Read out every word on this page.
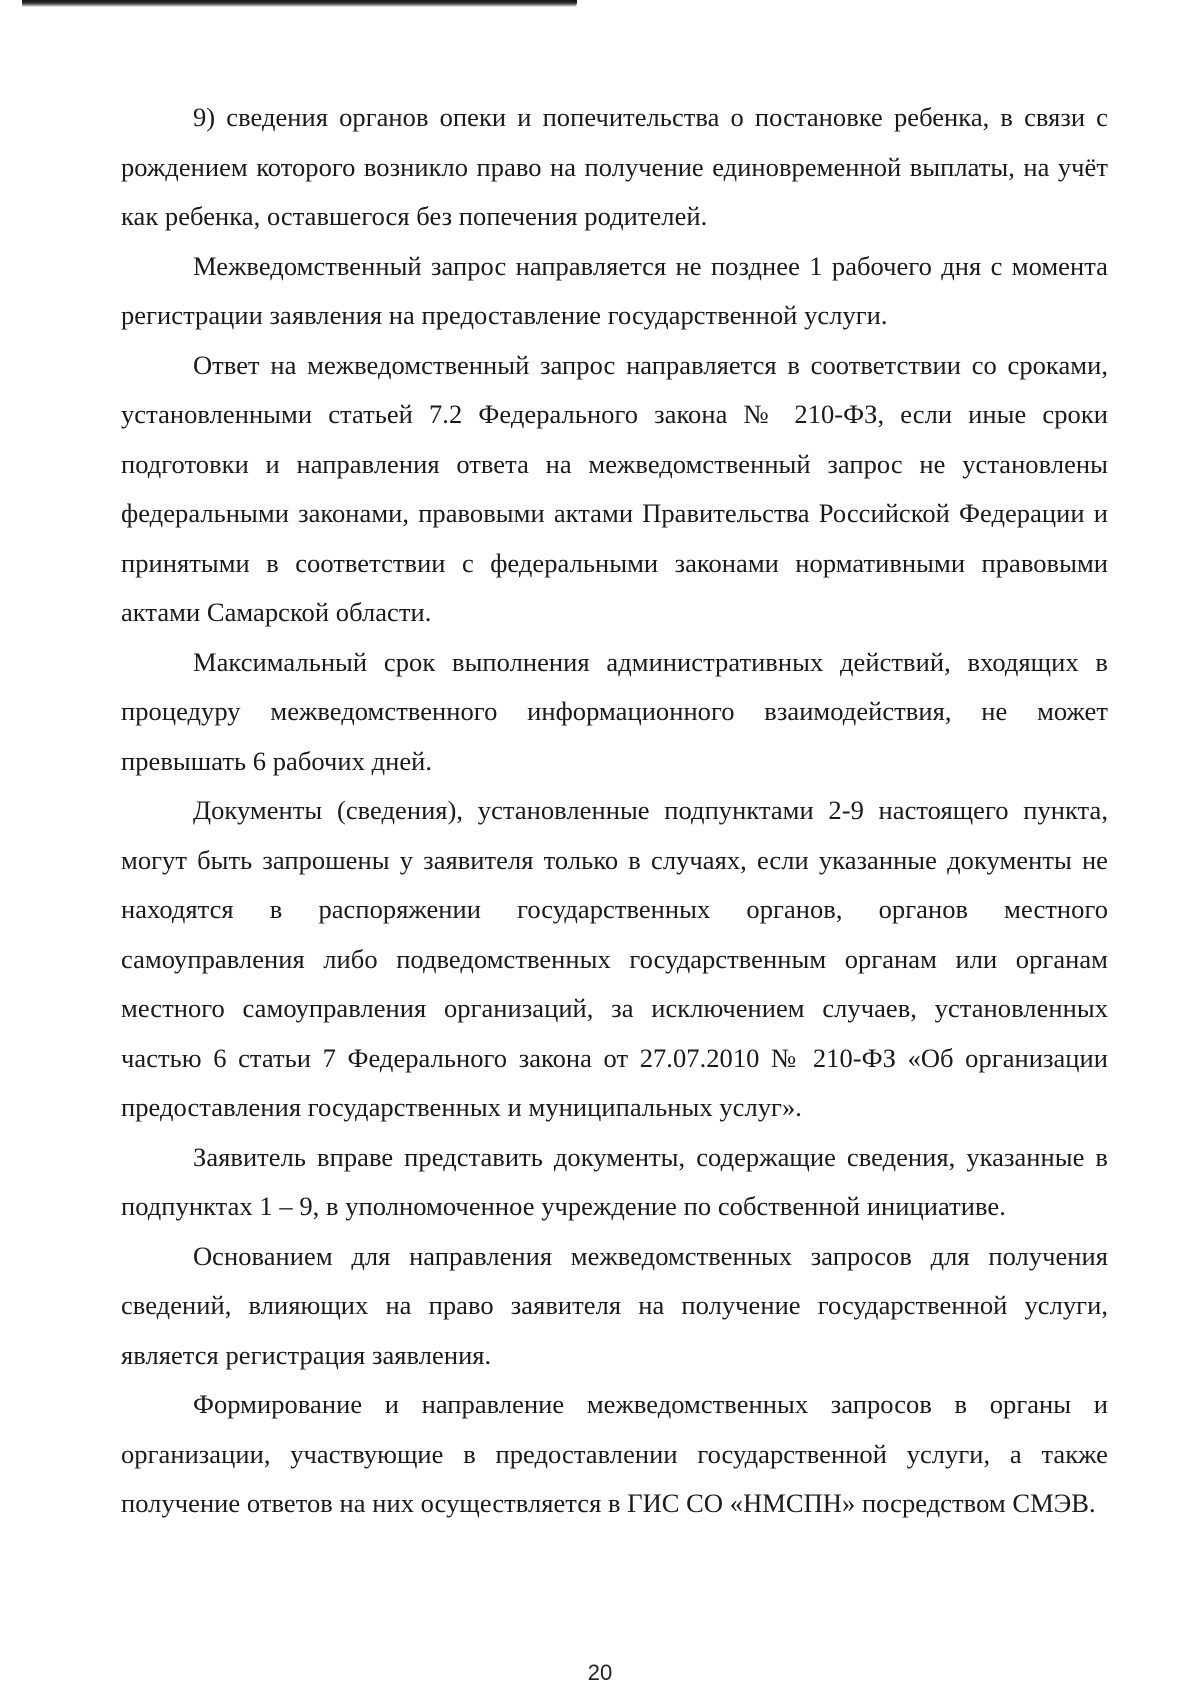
9) сведения органов опеки и попечительства о постановке ребенка, в связи с рождением которого возникло право на получение единовременной выплаты, на учёт как ребенка, оставшегося без попечения родителей.

Межведомственный запрос направляется не позднее 1 рабочего дня с момента регистрации заявления на предоставление государственной услуги.

Ответ на межведомственный запрос направляется в соответствии со сроками, установленными статьей 7.2 Федерального закона № 210-ФЗ, если иные сроки подготовки и направления ответа на межведомственный запрос не установлены федеральными законами, правовыми актами Правительства Российской Федерации и принятыми в соответствии с федеральными законами нормативными правовыми актами Самарской области.

Максимальный срок выполнения административных действий, входящих в процедуру межведомственного информационного взаимодействия, не может превышать 6 рабочих дней.

Документы (сведения), установленные подпунктами 2-9 настоящего пункта, могут быть запрошены у заявителя только в случаях, если указанные документы не находятся в распоряжении государственных органов, органов местного самоуправления либо подведомственных государственным органам или органам местного самоуправления организаций, за исключением случаев, установленных частью 6 статьи 7 Федерального закона от 27.07.2010 № 210-ФЗ «Об организации предоставления государственных и муниципальных услуг».

Заявитель вправе представить документы, содержащие сведения, указанные в подпунктах 1 – 9, в уполномоченное учреждение по собственной инициативе.

Основанием для направления межведомственных запросов для получения сведений, влияющих на право заявителя на получение государственной услуги, является регистрация заявления.

Формирование и направление межведомственных запросов в органы и организации, участвующие в предоставлении государственной услуги, а также получение ответов на них осуществляется в ГИС СО «НМСПН» посредством СМЭВ.

20
